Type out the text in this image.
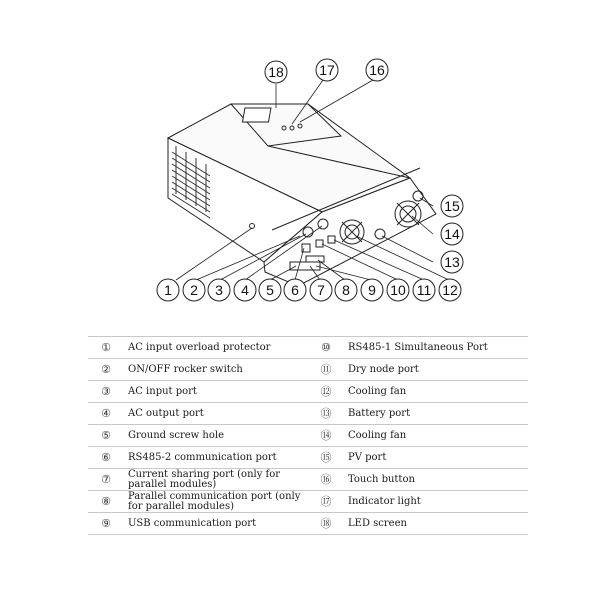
18	17 16
15
14
13
1 2 3 4 5 6 7 8 9 10 11 12
①	AC input overload protector	⑩	RS485-1 Simultaneous Port
②	ON/OFF rocker switch	⑪	Dry node port
③	AC input port	⑫	Cooling fan
④	AC output port	⑬	Battery port
⑤	Ground screw hole	⑭	Cooling fan
⑥	RS485-2 communication port	⑮	PV port
⑦	Current sharing port (only for parallel modules)	⑯	Touch button
⑧	Parallel communication port (only for parallel modules)	⑰	Indicator light
⑨	USB communication port	⑱	LED screen
